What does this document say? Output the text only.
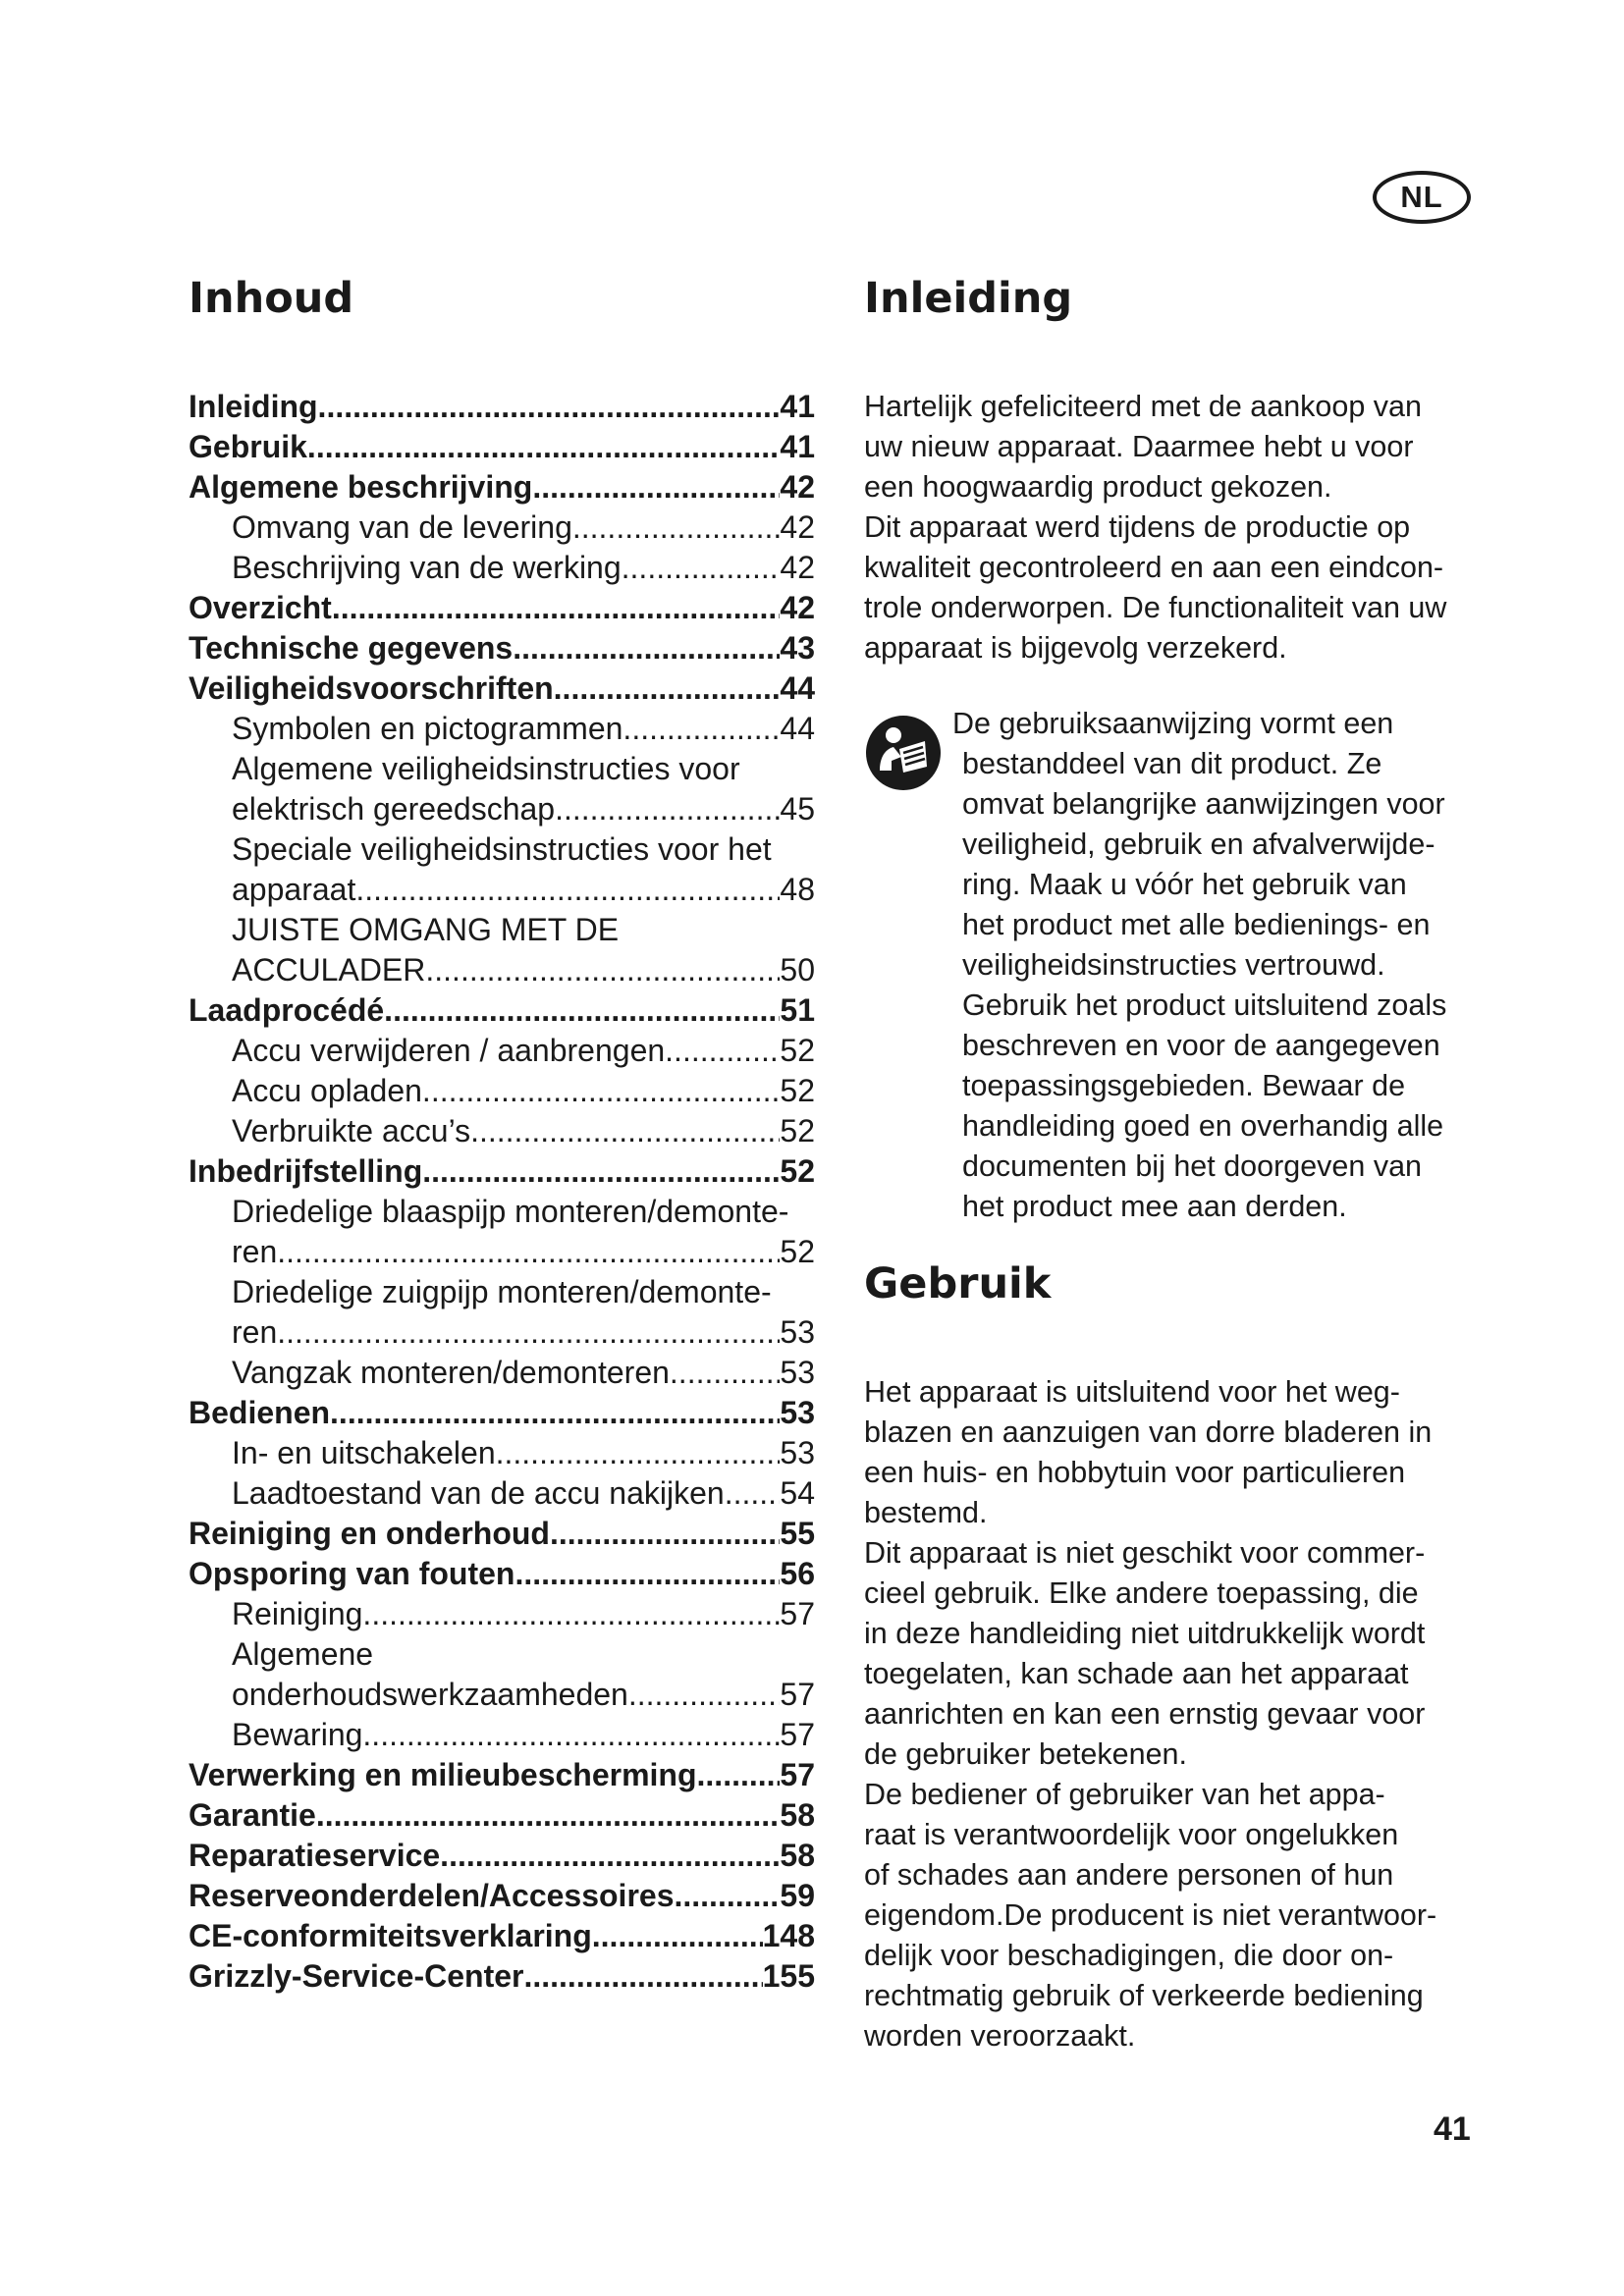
NL
Inhoud
Inleiding .....	41
Gebruik .....	41
Algemene beschrijving .....	42
Omvang van de levering .....	42
Beschrijving van de werking .....	42
Overzicht .....	42
Technische gegevens .....	43
Veiligheidsvoorschriften .....	44
Symbolen en pictogrammen .....	44
Algemene veiligheidsinstructies voor
elektrisch gereedschap .....	45
Speciale veiligheidsinstructies voor het
apparaat .....	48
JUISTE OMGANG MET DE
ACCULADER .....	50
Laadprocédé .....	51
Accu verwijderen / aanbrengen .....	52
Accu opladen .....	52
Verbruikte accu’s .....	52
Inbedrijfstelling .....	52
Driedelige blaaspijp monteren/demonte-
ren .....	52
Driedelige zuigpijp monteren/demonte-
ren .....	53
Vangzak monteren/demonteren .....	53
Bedienen .....	53
In- en uitschakelen .....	53
Laadtoestand van de accu nakijken ..... 54
Reiniging en onderhoud .....	55
Opsporing van fouten .....	56
Reiniging .....	57
Algemene
onderhoudswerkzaamheden .....	57
Bewaring .....	57
Verwerking en milieubescherming .....	57
Garantie .....	58
Reparatieservice .....	58
Reserveonderdelen/Accessoires .....	59
CE-conformiteitsverklaring .....	148
Grizzly-Service-Center .....	155
Inleiding

Hartelijk gefeliciteerd met de aankoop van

uw nieuw apparaat. Daarmee hebt u voor

een hoogwaardig product gekozen.

Dit apparaat werd tijdens de productie op

kwaliteit gecontroleerd en aan een eindcon-

trole onderworpen. De functionaliteit van uw

apparaat is bijgevolg verzekerd.

De gebruiksaanwijzing vormt een

bestanddeel van dit product. Ze

omvat belangrijke aanwijzingen voor

veiligheid, gebruik en afvalverwijde-

ring. Maak u vóór het gebruik van

het product met alle bedienings- en

veiligheidsinstructies vertrouwd.

Gebruik het product uitsluitend zoals

beschreven en voor de aangegeven

toepassingsgebieden. Bewaar de

handleiding goed en overhandig alle

documenten bij het doorgeven van

het product mee aan derden.

Gebruik

Het apparaat is uitsluitend voor het weg-

blazen en aanzuigen van dorre bladeren in

een huis- en hobbytuin voor particulieren

bestemd.

Dit apparaat is niet geschikt voor commer-

cieel gebruik. Elke andere toepassing, die

in deze handleiding niet uitdrukkelijk wordt

toegelaten, kan schade aan het apparaat

aanrichten en kan een ernstig gevaar voor

de gebruiker betekenen.

De bediener of gebruiker van het appa-

raat is verantwoordelijk voor ongelukken

of schades aan andere personen of hun

eigendom.De producent is niet verantwoor-

delijk voor beschadigingen, die door on-

rechtmatig gebruik of verkeerde bediening

worden veroorzaakt.

41
